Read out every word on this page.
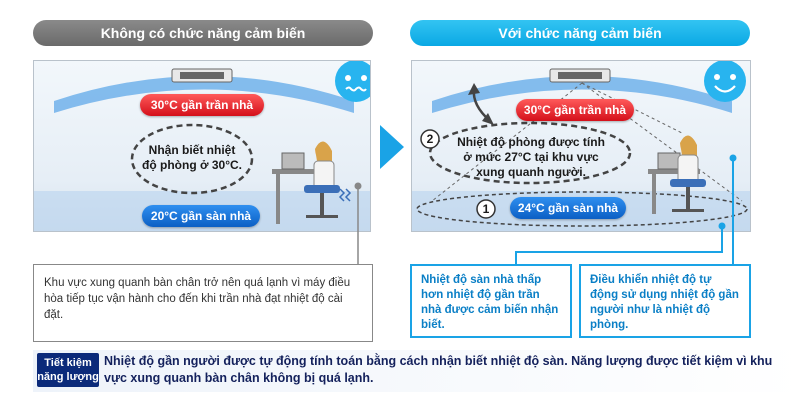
Không có chức năng cảm biến	Với chức năng cảm biến
30°C gần trần nhà
Nhận biết nhiệt độ phòng ở 30°C.
20°C gần sàn nhà
2
1
30°C gần trần nhà
Nhiệt độ phòng được tính ở mức 27°C tại khu vực xung quanh người.
24°C gần sàn nhà
Khu vực xung quanh bàn chân trở nên quá lạnh vì máy điều hòa tiếp tục vận hành cho đến khi trần nhà đạt nhiệt độ cài đặt.
Nhiệt độ sàn nhà thấp hơn nhiệt độ gần trần nhà được cảm biến nhận biết.
Điều khiển nhiệt độ tự động sử dụng nhiệt độ gần người như là nhiệt độ phòng.
Tiết kiệm năng lượng
Nhiệt độ gần người được tự động tính toán bằng cách nhận biết nhiệt độ sàn. Năng lượng được tiết kiệm vì khu vực xung quanh bàn chân không bị quá lạnh.
